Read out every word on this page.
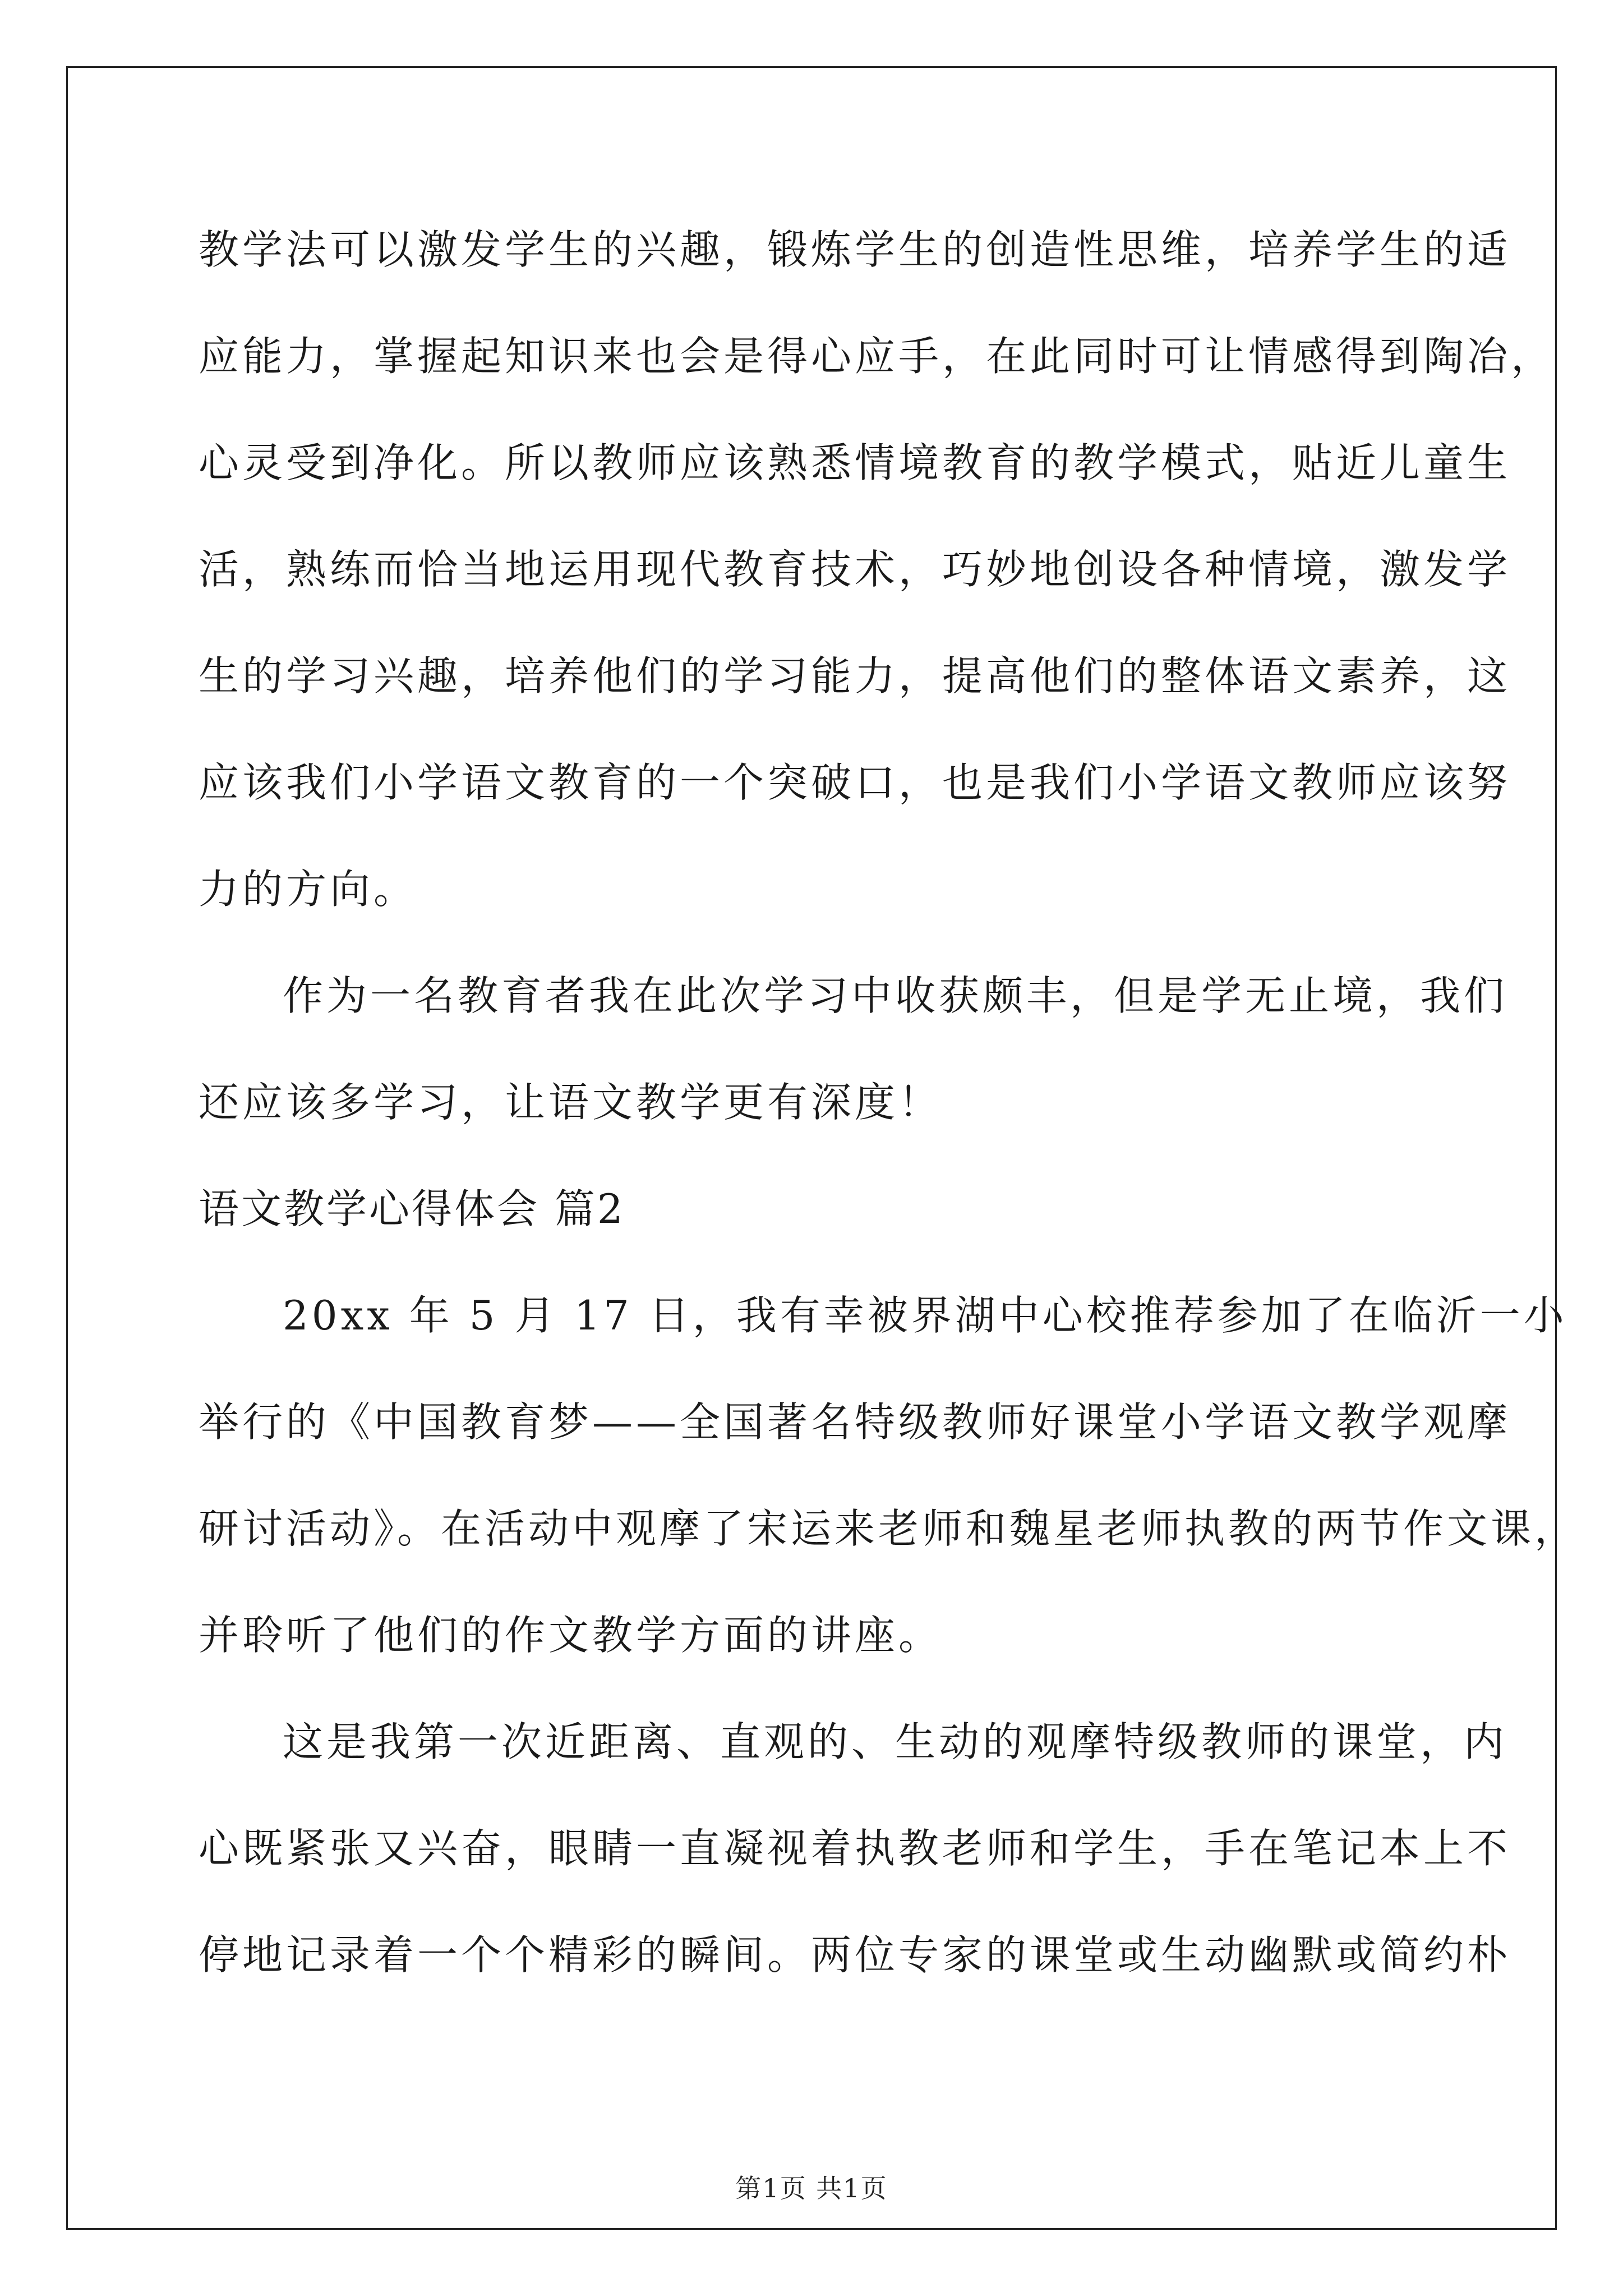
教学法可以激发学生的兴趣，锻炼学生的创造性思维，培养学生的适
应能力，掌握起知识来也会是得心应手，在此同时可让情感得到陶冶，
心灵受到净化。所以教师应该熟悉情境教育的教学模式，贴近儿童生
活，熟练而恰当地运用现代教育技术，巧妙地创设各种情境，激发学
生的学习兴趣，培养他们的学习能力，提高他们的整体语文素养，这
应该我们小学语文教育的一个突破口，也是我们小学语文教师应该努
力的方向。
作为一名教育者我在此次学习中收获颇丰，但是学无止境，我们
还应该多学习，让语文教学更有深度！
语文教学心得体会 篇2
20xx 年 5 月 17 日，我有幸被界湖中心校推荐参加了在临沂一小
举行的《中国教育梦——全国著名特级教师好课堂小学语文教学观摩
研讨活动》。在活动中观摩了宋运来老师和魏星老师执教的两节作文课，
并聆听了他们的作文教学方面的讲座。
这是我第一次近距离、直观的、生动的观摩特级教师的课堂，内
心既紧张又兴奋，眼睛一直凝视着执教老师和学生，手在笔记本上不
停地记录着一个个精彩的瞬间。两位专家的课堂或生动幽默或简约朴
第1页 共1页
